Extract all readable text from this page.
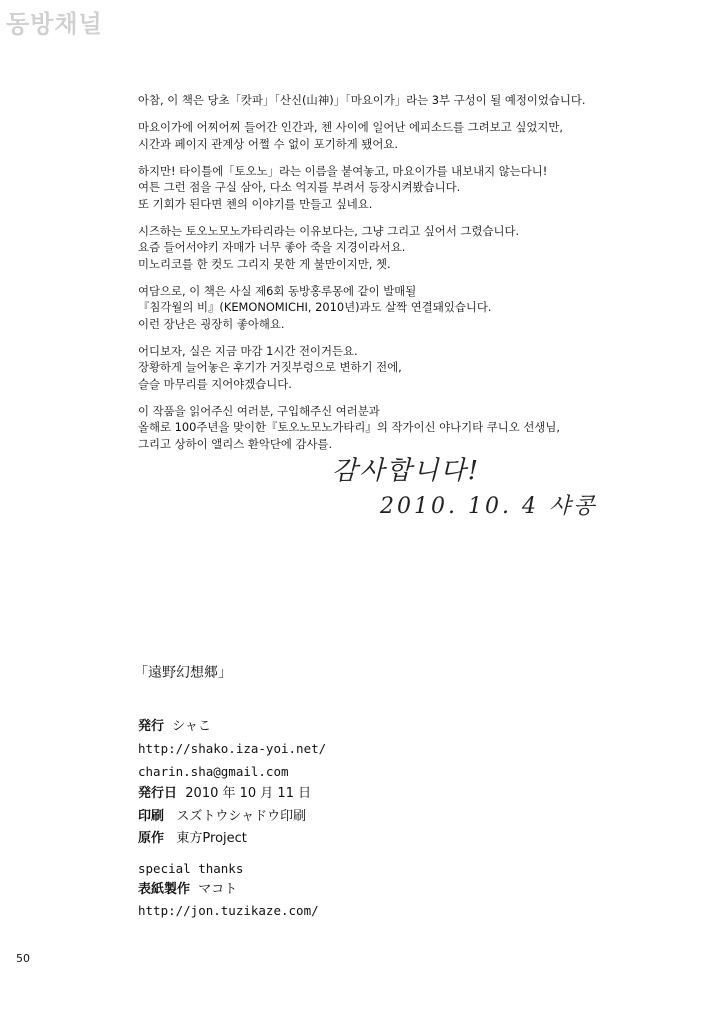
동방채널

아참, 이 책은 당초「캇파」「산신(山神)」「마요이가」라는 3부 구성이 될 예정이었습니다.

마요이가에 어찌어찌 들어간 인간과, 첸 사이에 일어난 에피소드를 그려보고 싶었지만,
시간과 페이지 관계상 어쩔 수 없이 포기하게 됐어요.

하지만! 타이틀에「토오노」라는 이름을 붙여놓고, 마요이가를 내보내지 않는다니!
여튼 그런 점을 구실 삼아, 다소 억지를 부려서 등장시켜봤습니다.
또 기회가 된다면 첸의 이야기를 만들고 싶네요.

시즈하는 토오노모노가타리라는 이유보다는, 그냥 그리고 싶어서 그렸습니다.
요즘 들어서야키 자매가 너무 좋아 죽을 지경이라서요.
미노리코를 한 컷도 그리지 못한 게 불만이지만, 쳇.

여담으로, 이 책은 사실 제6회 동방홍루몽에 같이 발매될
『침각월의 비』(KEMONOMICHI, 2010년)과도 살짝 연결돼있습니다.
이런 장난은 굉장히 좋아해요.

어디보자, 실은 지금 마감 1시간 전이거든요.
장황하게 늘어놓은 후기가 거짓부렁으로 변하기 전에,
슬슬 마무리를 지어야겠습니다.

이 작품을 읽어주신 여러분, 구입해주신 여러분과
올해로 100주년을 맞이한『토오노모노가타리』의 작가이신 야나기타 쿠니오 선생님,
그리고 상하이 앨리스 환악단에 감사를.

감사합니다!
2010. 10. 4 샤콩
「遠野幻想郷」
発行 シャこ
http://shako.iza-yoi.net/
charin.sha@gmail.com
発行日 2010 年 10 月 11 日
印刷 スズトウシャドウ印刷
原作 東方Project
special thanks
表紙製作 マコト
http://jon.tuzikaze.com/
50
